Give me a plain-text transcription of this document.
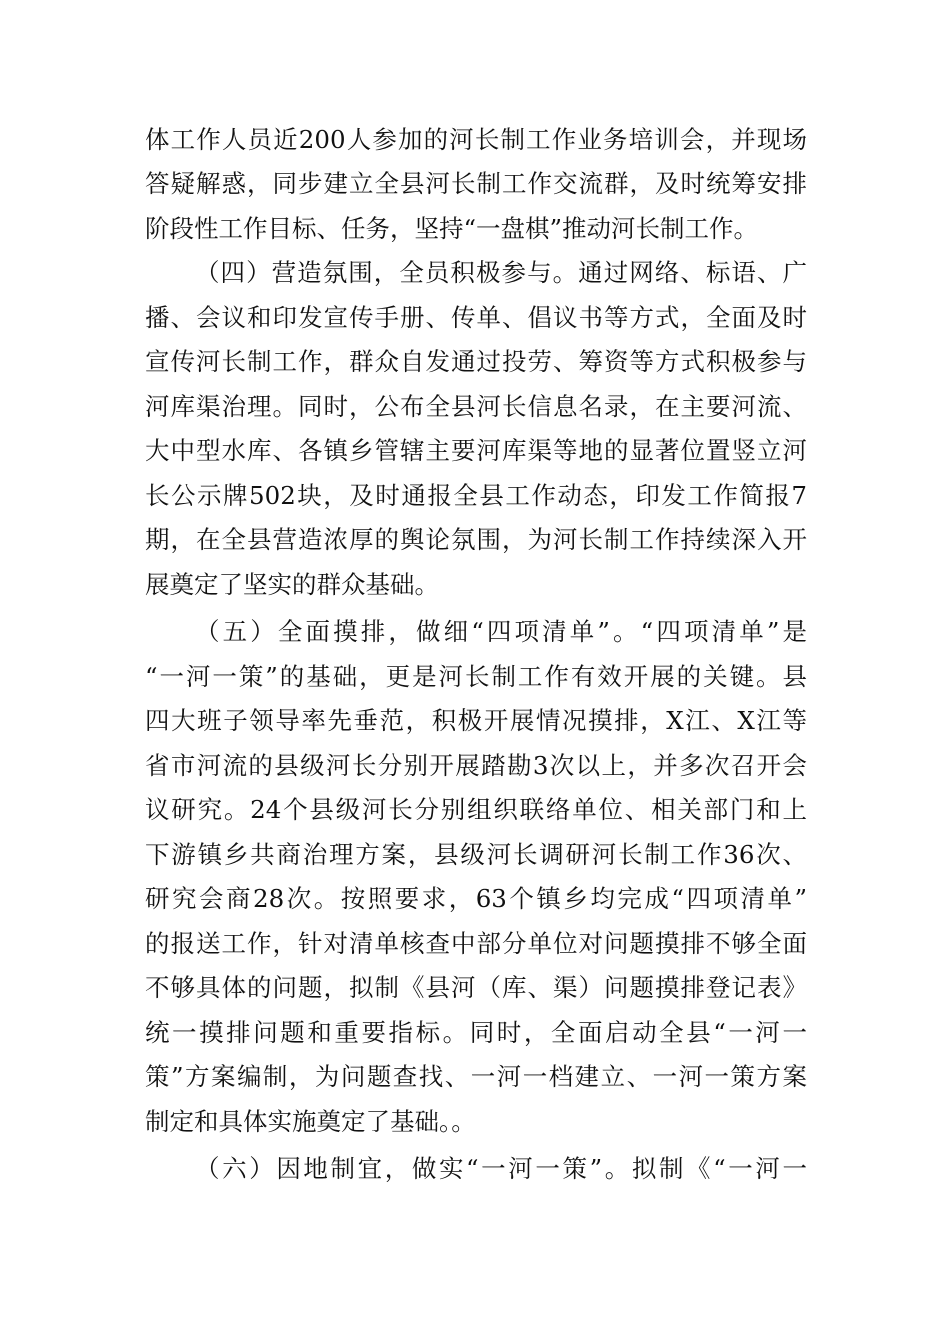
体工作人员近200人参加的河长制工作业务培训会，并现场
答疑解惑，同步建立全县河长制工作交流群，及时统筹安排
阶段性工作目标、任务，坚持“一盘棋”推动河长制工作。
（四）营造氛围，全员积极参与。通过网络、标语、广
播、会议和印发宣传手册、传单、倡议书等方式，全面及时
宣传河长制工作，群众自发通过投劳、筹资等方式积极参与
河库渠治理。同时，公布全县河长信息名录，在主要河流、
大中型水库、各镇乡管辖主要河库渠等地的显著位置竖立河
长公示牌502块，及时通报全县工作动态，印发工作简报7
期，在全县营造浓厚的舆论氛围，为河长制工作持续深入开
展奠定了坚实的群众基础。
（五）全面摸排，做细“四项清单”。“四项清单”是
“一河一策”的基础，更是河长制工作有效开展的关键。县
四大班子领导率先垂范，积极开展情况摸排，X江、X江等
省市河流的县级河长分别开展踏勘3次以上，并多次召开会
议研究。24个县级河长分别组织联络单位、相关部门和上
下游镇乡共商治理方案，县级河长调研河长制工作36次、
研究会商28次。按照要求，63个镇乡均完成“四项清单”
的报送工作，针对清单核查中部分单位对问题摸排不够全面
不够具体的问题，拟制《县河（库、渠）问题摸排登记表》
统一摸排问题和重要指标。同时，全面启动全县“一河一
策”方案编制，为问题查找、一河一档建立、一河一策方案
制定和具体实施奠定了基础。。
（六）因地制宜，做实“一河一策”。拟制《“一河一
